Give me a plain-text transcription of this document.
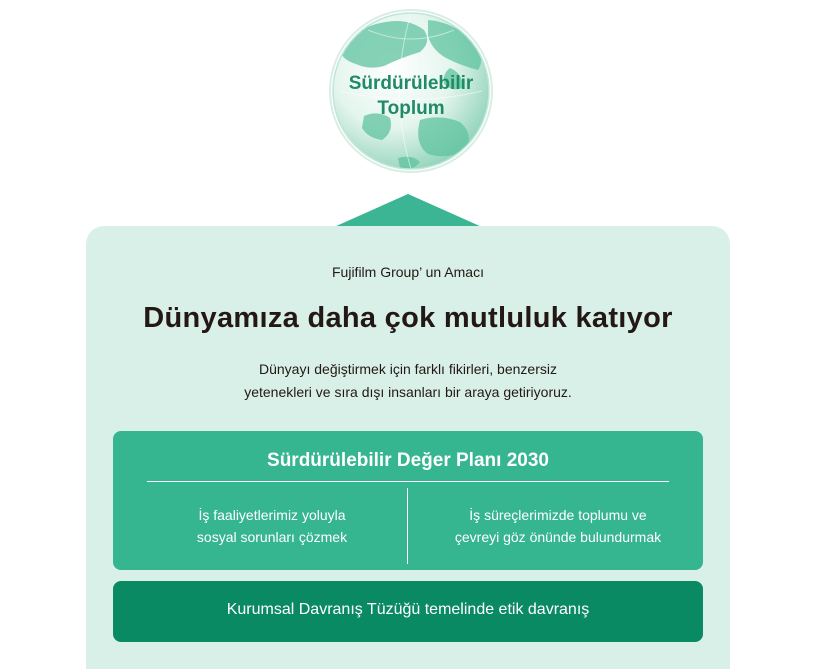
Sürdürülebilir
Toplum
Fujifilm Group’ un Amacı
Dünyamıza daha çok mutluluk katıyor
Dünyayı değiştirmek için farklı fikirleri, benzersiz
yetenekleri ve sıra dışı insanları bir araya getiriyoruz.
Sürdürülebilir Değer Planı 2030
İş faaliyetlerimiz yoluyla
sosyal sorunları çözmek
İş süreçlerimizde toplumu ve
çevreyi göz önünde bulundurmak
Kurumsal Davranış Tüzüğü temelinde etik davranış
